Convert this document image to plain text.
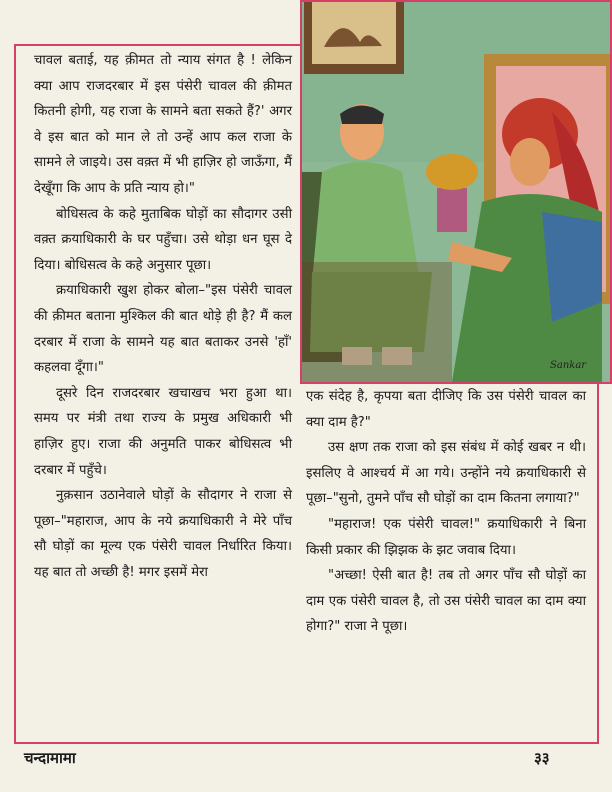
Sankar

चावल बताई, यह क़ीमत तो न्याय संगत है ! लेकिन क्या आप राजदरबार में इस पंसेरी चावल की क़ीमत कितनी होगी, यह राजा के सामने बता सकते हैं?' अगर वे इस बात को मान ले तो उन्हें आप कल राजा के सामने ले जाइये। उस वक़्त में भी हाज़िर हो जाऊँगा, मैं देखूँगा कि आप के प्रति न्याय हो।"

बोधिसत्व के कहे मुताबिक घोड़ों का सौदागर उसी वक़्त क्रयाधिकारी के घर पहुँचा। उसे थोड़ा धन घूस दे दिया। बोधिसत्व के कहे अनुसार पूछा।

क्रयाधिकारी खुश होकर बोला–"इस पंसेरी चावल की क़ीमत बताना मुश्किल की बात थोड़े ही है? मैं कल दरबार में राजा के सामने यह बात बताकर उनसे 'हाँ' कहलवा दूँगा।"

दूसरे दिन राजदरबार खचाखच भरा हुआ था। समय पर मंत्री तथा राज्य के प्रमुख अधिकारी भी हाज़िर हुए। राजा की अनुमति पाकर बोधिसत्व भी दरबार में पहुँचे।

नुक़सान उठानेवाले घोड़ों के सौदागर ने राजा से पूछा–"महाराज, आप के नये क्रयाधिकारी ने मेरे पाँच सौ घोड़ों का मूल्य एक पंसेरी चावल निर्धारित किया। यह बात तो अच्छी है! मगर इसमें मेरा

एक संदेह है, कृपया बता दीजिए कि उस पंसेरी चावल का क्या दाम है?"

उस क्षण तक राजा को इस संबंध में कोई खबर न थी। इसलिए वे आश्चर्य में आ गये। उन्होंने नये क्रयाधिकारी से पूछा–"सुनो, तुमने पाँच सौ घोड़ों का दाम कितना लगाया?"

"महाराज! एक पंसेरी चावल!" क्रयाधिकारी ने बिना किसी प्रकार की झिझक के झट जवाब दिया।

"अच्छा! ऐसी बात है! तब तो अगर पाँच सौ घोड़ों का दाम एक पंसेरी चावल है, तो उस पंसेरी चावल का दाम क्या होगा?" राजा ने पूछा।

चन्दामामा	३३
